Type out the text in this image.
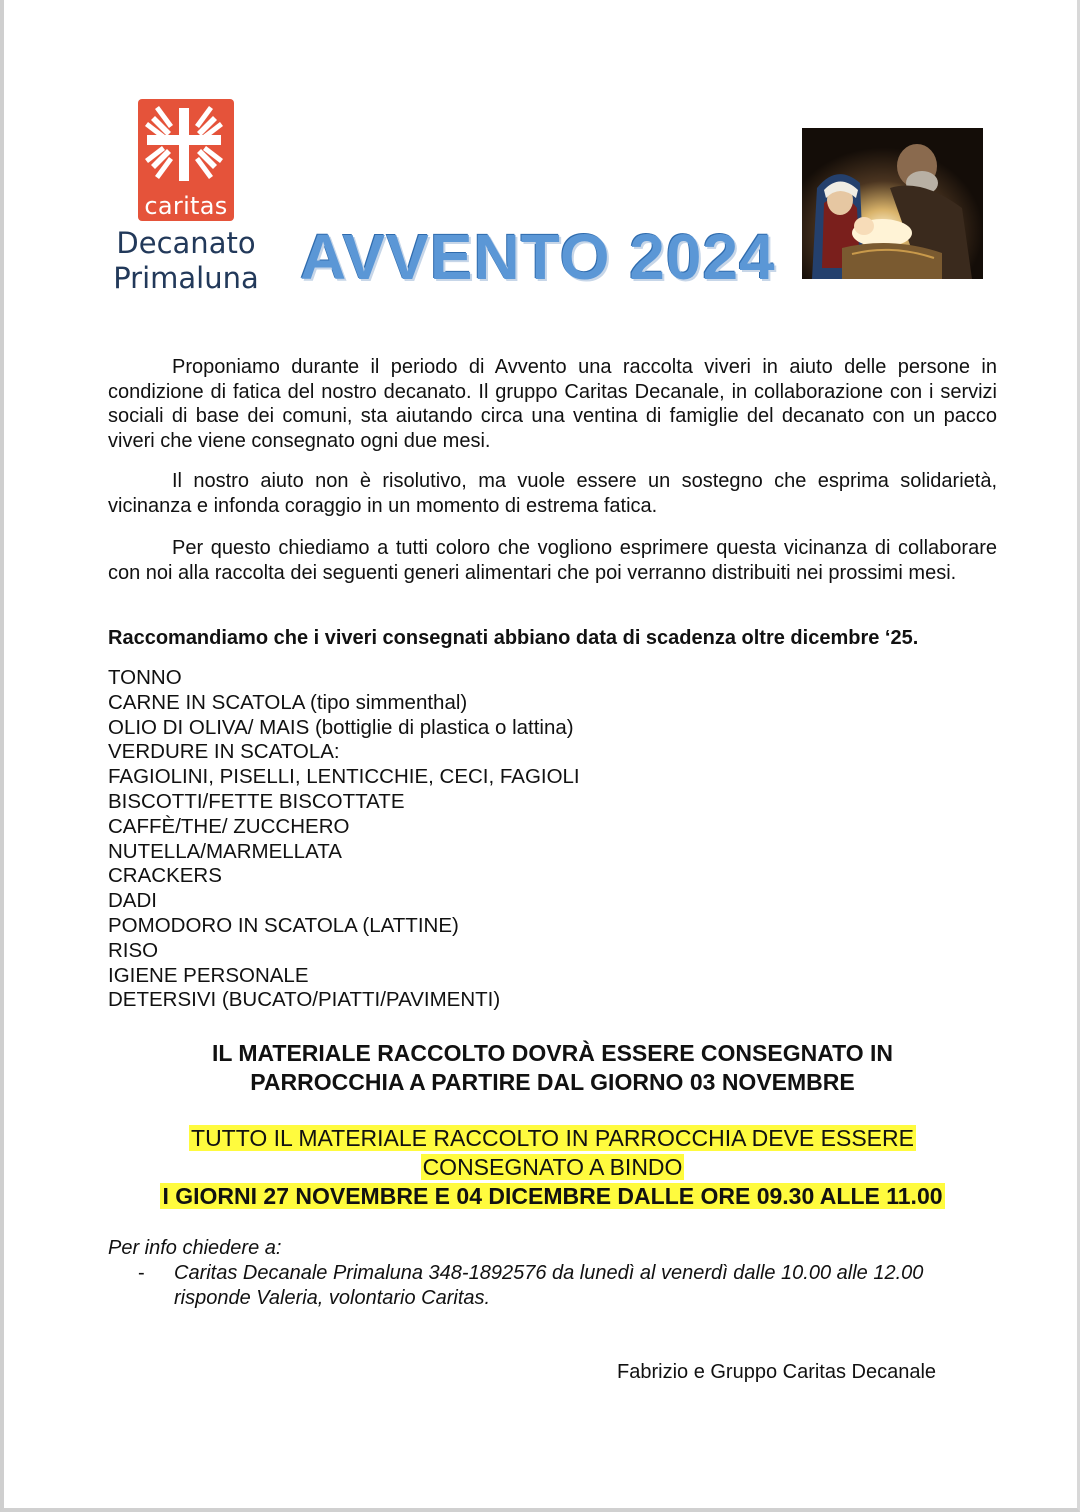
caritas
Decanato
Primaluna AVVENTO 2024

Proponiamo durante il periodo di Avvento una raccolta viveri in aiuto delle persone in condizione di fatica del nostro decanato. Il gruppo Caritas Decanale, in collaborazione con i servizi sociali di base dei comuni, sta aiutando circa una ventina di famiglie del decanato con un pacco viveri che viene consegnato ogni due mesi.

Il nostro aiuto non è risolutivo, ma vuole essere un sostegno che esprima solidarietà, vicinanza e infonda coraggio in un momento di estrema fatica.

Per questo chiediamo a tutti coloro che vogliono esprimere questa vicinanza di collaborare con noi alla raccolta dei seguenti generi alimentari che poi verranno distribuiti nei prossimi mesi.

Raccomandiamo che i viveri consegnati abbiano data di scadenza oltre dicembre ‘25.
TONNO
CARNE IN SCATOLA (tipo simmenthal)
OLIO DI OLIVA/ MAIS (bottiglie di plastica o lattina)
VERDURE IN SCATOLA:
FAGIOLINI, PISELLI, LENTICCHIE, CECI, FAGIOLI
BISCOTTI/FETTE BISCOTTATE
CAFFÈ/THE/ ZUCCHERO
NUTELLA/MARMELLATA
CRACKERS
DADI
POMODORO IN SCATOLA (LATTINE)
RISO
IGIENE PERSONALE
DETERSIVI (BUCATO/PIATTI/PAVIMENTI)
IL MATERIALE RACCOLTO DOVRÀ ESSERE CONSEGNATO IN
PARROCCHIA A PARTIRE DAL GIORNO 03 NOVEMBRE
TUTTO IL MATERIALE RACCOLTO IN PARROCCHIA DEVE ESSERE
CONSEGNATO A BINDO
I GIORNI 27 NOVEMBRE E 04 DICEMBRE DALLE ORE 09.30 ALLE 11.00
Per info chiedere a:
- Caritas Decanale Primaluna 348-1892576 da lunedì al venerdì dalle 10.00 alle 12.00
risponde Valeria, volontario Caritas.
Fabrizio e Gruppo Caritas Decanale
